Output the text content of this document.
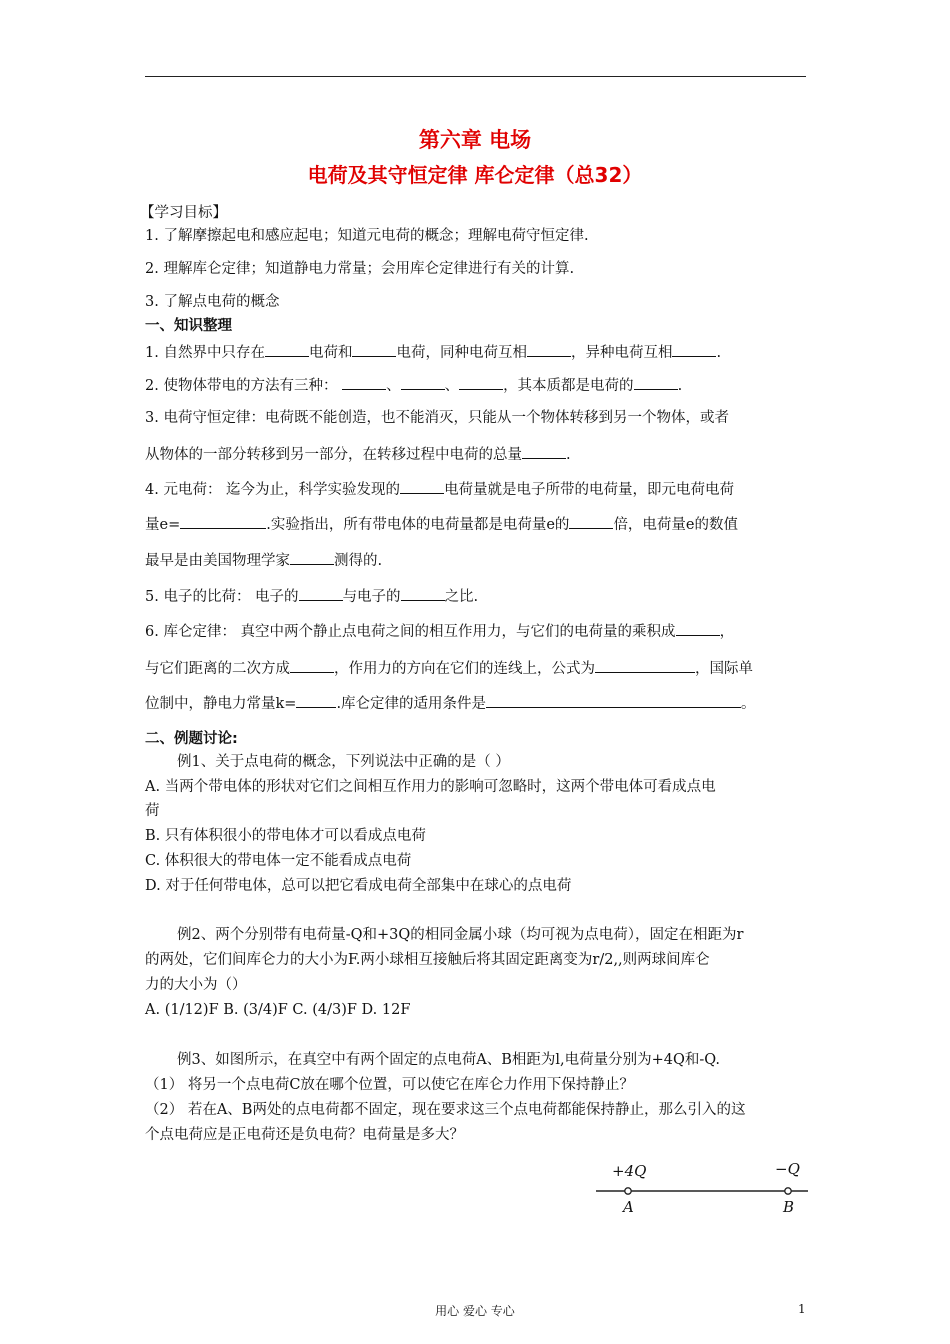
第六章 电场
电荷及其守恒定律 库仑定律（总32）
【学习目标】
1. 了解摩擦起电和感应起电；知道元电荷的概念；理解电荷守恒定律.
2. 理解库仑定律；知道静电力常量；会用库仑定律进行有关的计算.
3. 了解点电荷的概念
一、知识整理
1. 自然界中只存在	电荷和	电荷，同种电荷互相	，异种电荷互相	.
2. 使物体带电的方法有三种：	、	、	，其本质都是电荷的	.
3. 电荷守恒定律：电荷既不能创造，也不能消灭，只能从一个物体转移到另一个物体，或者
从物体的一部分转移到另一部分，在转移过程中电荷的总量	.
4. 元电荷： 迄今为止，科学实验发现的	电荷量就是电子所带的电荷量，即元电荷电荷
量e=	.实验指出，所有带电体的电荷量都是电荷量e的	倍，电荷量e的数值
最早是由美国物理学家	测得的.
5. 电子的比荷： 电子的	与电子的	之比.
6. 库仑定律： 真空中两个静止点电荷之间的相互作用力，与它们的电荷量的乘积成	，
与它们距离的二次方成	，作用力的方向在它们的连线上，公式为	，国际单
位制中，静电力常量k=	.库仑定律的适用条件是	。
二、例题讨论:
例1、关于点电荷的概念，下列说法中正确的是（ ）
A. 当两个带电体的形状对它们之间相互作用力的影响可忽略时，这两个带电体可看成点电
荷
B. 只有体积很小的带电体才可以看成点电荷
C. 体积很大的带电体一定不能看成点电荷
D. 对于任何带电体，总可以把它看成电荷全部集中在球心的点电荷
例2、两个分别带有电荷量-Q和+3Q的相同金属小球（均可视为点电荷），固定在相距为r
的两处，它们间库仑力的大小为F.两小球相互接触后将其固定距离变为r/2,,则两球间库仑
力的大小为（）
A. (1/12)F B. (3/4)F C. (4/3)F D. 12F
例3、如图所示，在真空中有两个固定的点电荷A、B相距为l,电荷量分别为+4Q和-Q.
（1） 将另一个点电荷C放在哪个位置，可以使它在库仑力作用下保持静止？
（2） 若在A、B两处的点电荷都不固定，现在要求这三个点电荷都能保持静止，那么引入的这
个点电荷应是正电荷还是负电荷？电荷量是多大？
+4Q	−Q
A	B
用心 爱心 专心	1
